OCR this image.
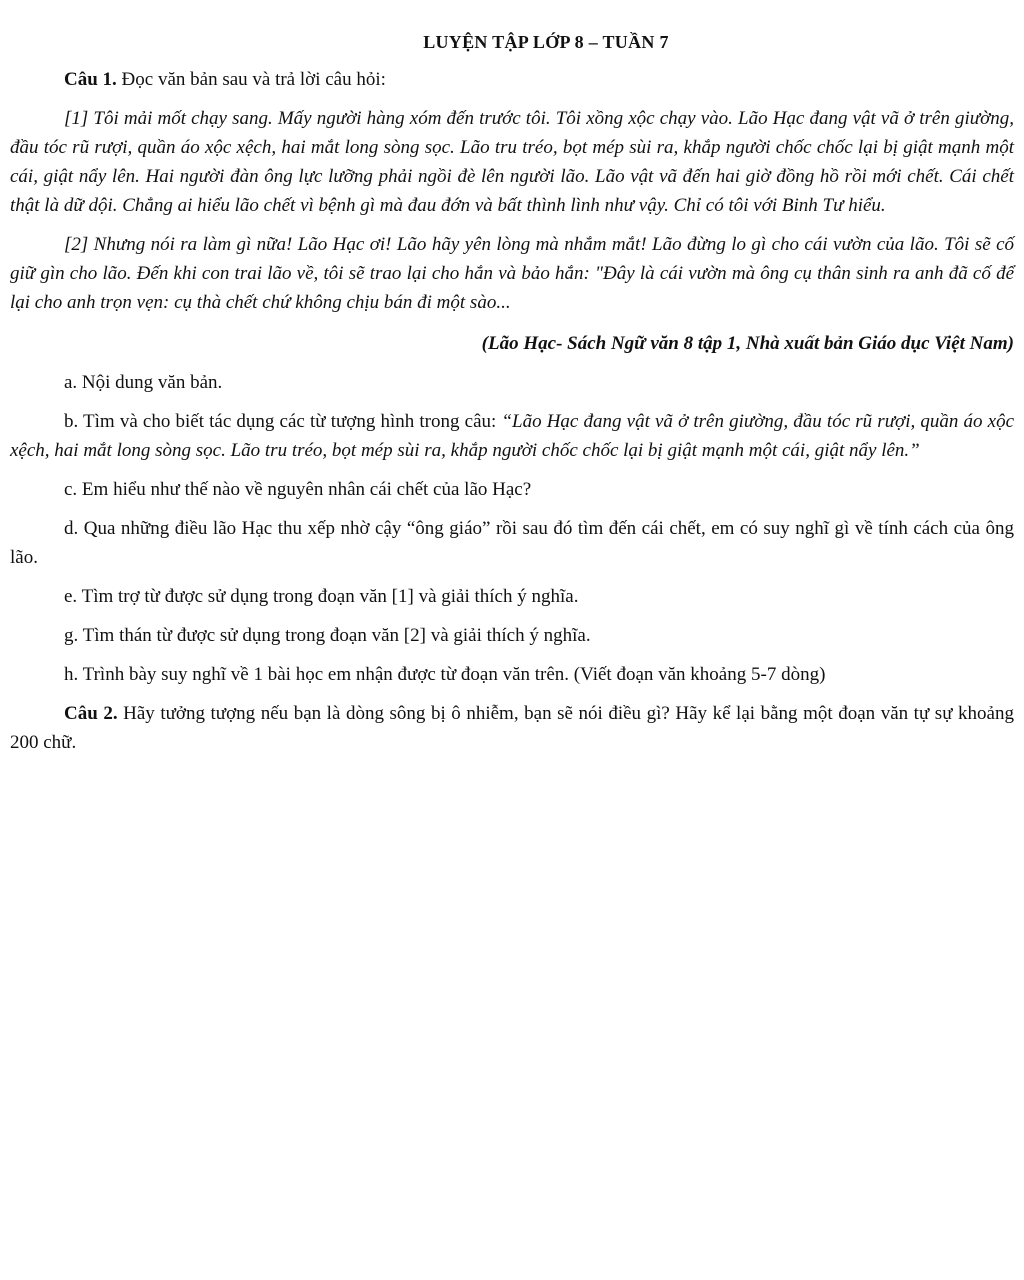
LUYỆN TẬP LỚP 8 – TUẦN 7

Câu 1. Đọc văn bản sau và trả lời câu hỏi:

[1] Tôi mải mốt chạy sang. Mấy người hàng xóm đến trước tôi. Tôi xồng xộc chạy vào. Lão Hạc đang vật vã ở trên giường, đầu tóc rũ rượi, quần áo xộc xệch, hai mắt long sòng sọc. Lão tru tréo, bọt mép sùi ra, khắp người chốc chốc lại bị giật mạnh một cái, giật nẩy lên. Hai người đàn ông lực lưỡng phải ngồi đè lên người lão. Lão vật vã đến hai giờ đồng hồ rồi mới chết. Cái chết thật là dữ dội. Chẳng ai hiểu lão chết vì bệnh gì mà đau đớn và bất thình lình như vậy. Chỉ có tôi với Binh Tư hiểu.

[2] Nhưng nói ra làm gì nữa! Lão Hạc ơi! Lão hãy yên lòng mà nhắm mắt! Lão đừng lo gì cho cái vườn của lão. Tôi sẽ cố giữ gìn cho lão. Đến khi con trai lão về, tôi sẽ trao lại cho hắn và bảo hắn: "Đây là cái vườn mà ông cụ thân sinh ra anh đã cố để lại cho anh trọn vẹn: cụ thà chết chứ không chịu bán đi một sào...

(Lão Hạc- Sách Ngữ văn 8 tập 1, Nhà xuất bản Giáo dục Việt Nam)

a. Nội dung văn bản.

b. Tìm và cho biết tác dụng các từ tượng hình trong câu: “Lão Hạc đang vật vã ở trên giường, đầu tóc rũ rượi, quần áo xộc xệch, hai mắt long sòng sọc. Lão tru tréo, bọt mép sùi ra, khắp người chốc chốc lại bị giật mạnh một cái, giật nẩy lên.”

c. Em hiểu như thế nào về nguyên nhân cái chết của lão Hạc?

d. Qua những điều lão Hạc thu xếp nhờ cậy “ông giáo” rồi sau đó tìm đến cái chết, em có suy nghĩ gì về tính cách của ông lão.

e. Tìm trợ từ được sử dụng trong đoạn văn [1] và giải thích ý nghĩa.

g. Tìm thán từ được sử dụng trong đoạn văn [2] và giải thích ý nghĩa.

h. Trình bày suy nghĩ về 1 bài học em nhận được từ đoạn văn trên. (Viết đoạn văn khoảng 5-7 dòng)

Câu 2. Hãy tưởng tượng nếu bạn là dòng sông bị ô nhiễm, bạn sẽ nói điều gì? Hãy kể lại bằng một đoạn văn tự sự khoảng 200 chữ.
